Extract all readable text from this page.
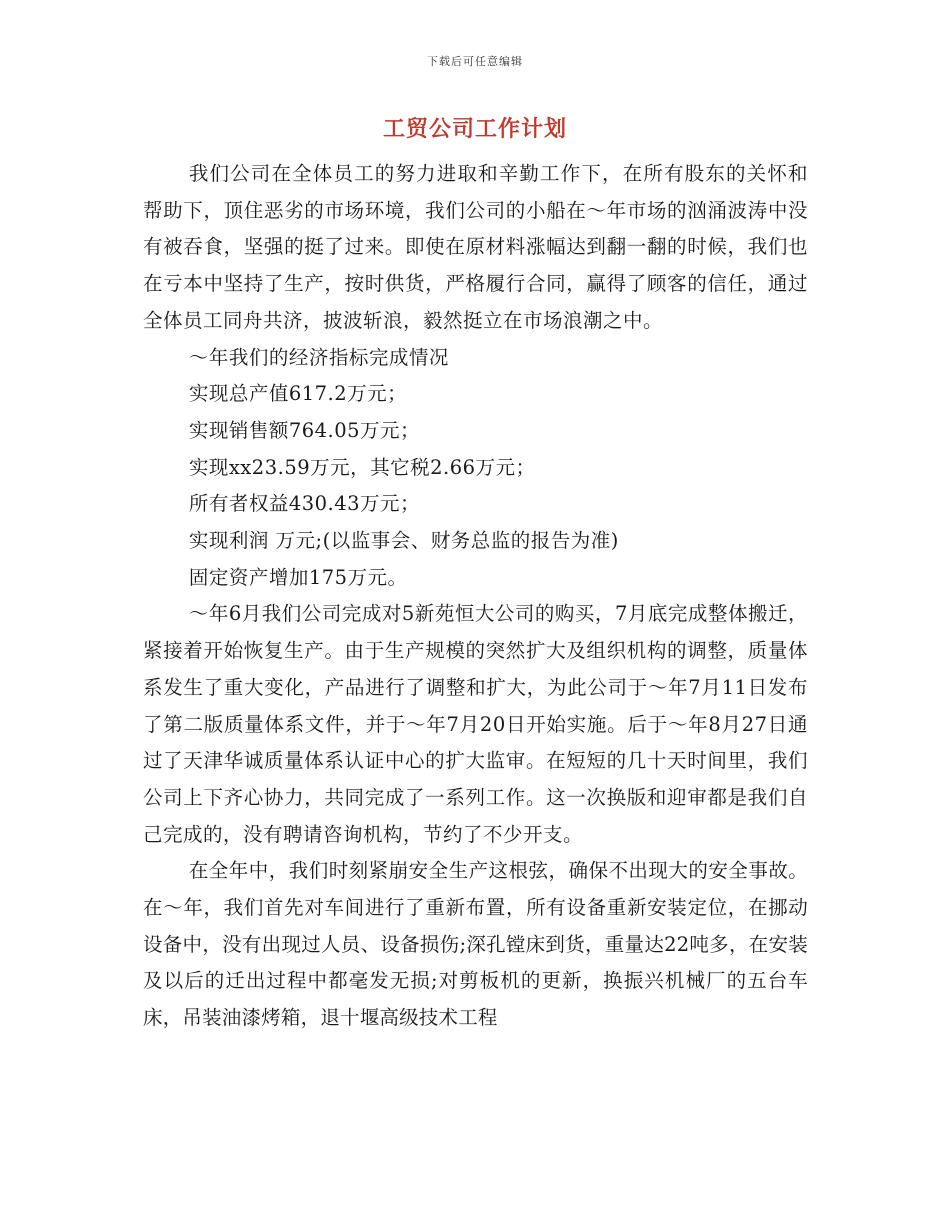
下载后可任意编辑
工贸公司工作计划

我们公司在全体员工的努力进取和辛勤工作下，在所有股东的关怀和帮助下，顶住恶劣的市场环境，我们公司的小船在～年市场的汹涌波涛中没有被吞食，坚强的挺了过来。即使在原材料涨幅达到翻一翻的时候，我们也在亏本中坚持了生产，按时供货，严格履行合同，赢得了顾客的信任，通过全体员工同舟共济，披波斩浪，毅然挺立在市场浪潮之中。

～年我们的经济指标完成情况

实现总产值617.2万元；

实现销售额764.05万元；

实现xx23.59万元，其它税2.66万元；

所有者权益430.43万元；

实现利润 万元;(以监事会、财务总监的报告为准)

固定资产增加175万元。

～年6月我们公司完成对5新苑恒大公司的购买，7月底完成整体搬迁，紧接着开始恢复生产。由于生产规模的突然扩大及组织机构的调整，质量体系发生了重大变化，产品进行了调整和扩大，为此公司于～年7月11日发布了第二版质量体系文件，并于～年7月20日开始实施。后于～年8月27日通过了天津华诚质量体系认证中心的扩大监审。在短短的几十天时间里，我们公司上下齐心协力，共同完成了一系列工作。这一次换版和迎审都是我们自己完成的，没有聘请咨询机构，节约了不少开支。

在全年中，我们时刻紧崩安全生产这根弦，确保不出现大的安全事故。在～年，我们首先对车间进行了重新布置，所有设备重新安装定位，在挪动设备中，没有出现过人员、设备损伤;深孔镗床到货，重量达22吨多，在安装及以后的迁出过程中都毫发无损;对剪板机的更新，换振兴机械厂的五台车床，吊装油漆烤箱，退十堰高级技术工程
